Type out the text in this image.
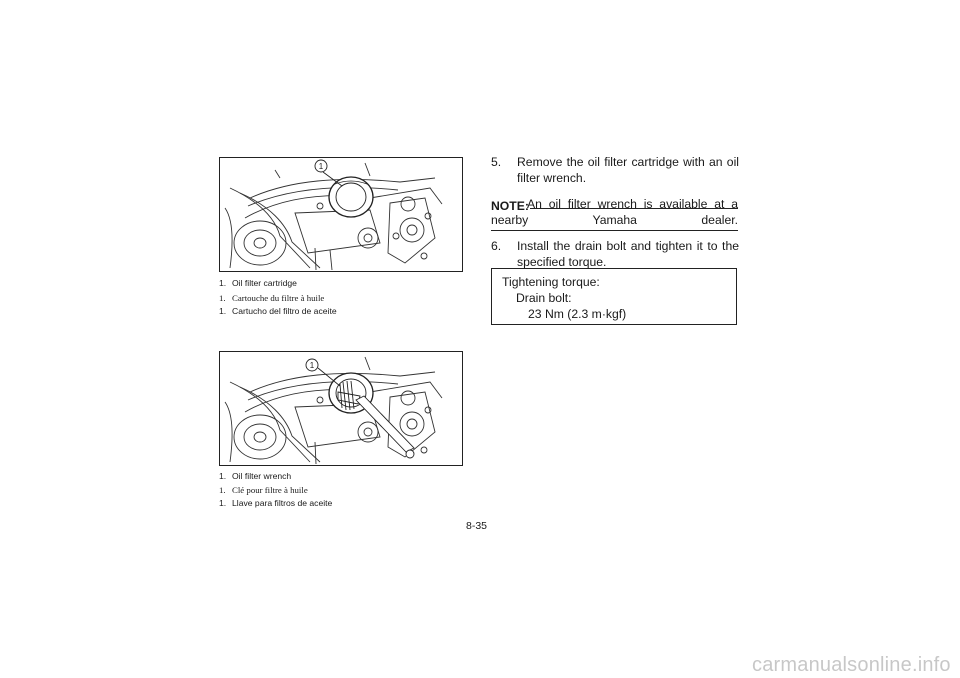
1
1. Oil filter cartridge
1. Cartouche du filtre à huile
1. Cartucho del filtro de aceite
1
1. Oil filter wrench
1. Clé pour filtre à huile
1. Llave para filtros de aceite
5.	Remove the oil filter cartridge with an oil filter wrench.
An oil filter wrench is available at a nearby Yamaha dealer.
NOTE:
6.	Install the drain bolt and tighten it to the specified torque.
Tightening torque:
Drain bolt:
23 Nm (2.3 m·kgf)
8-35
carmanualsonline.info
